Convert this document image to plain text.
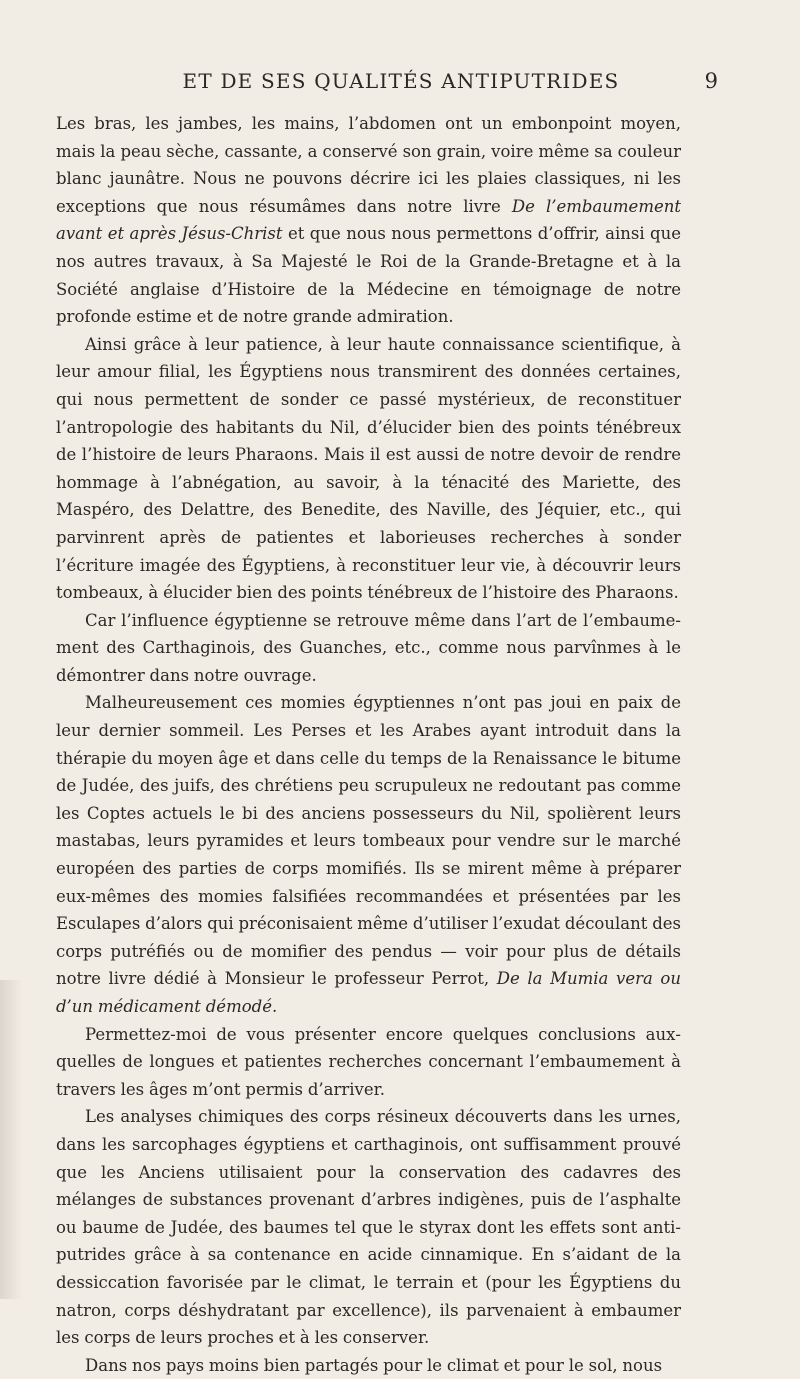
ET DE SES QUALITÉS ANTIPUTRIDES	9

Les bras, les jambes, les mains, l’abdomen ont un embonpoint moyen, mais la peau sèche, cassante, a conservé son grain, voire même sa couleur blanc jaunâtre. Nous ne pouvons décrire ici les plaies classiques, ni les exceptions que nous résumâmes dans notre livre De l’embaumement avant et après Jésus-Christ et que nous nous permettons d’offrir, ainsi que nos autres travaux, à Sa Majesté le Roi de la Grande-Bretagne et à la Société anglaise d’Histoire de la Médecine en témoignage de notre profonde estime et de notre grande admiration.

Ainsi grâce à leur patience, à leur haute connaissance scientifique, à leur amour filial, les Égyptiens nous transmirent des données certaines, qui nous permettent de sonder ce passé mystérieux, de reconstituer l’antropologie des habitants du Nil, d’élucider bien des points ténébreux de l’histoire de leurs Pharaons. Mais il est aussi de notre devoir de rendre hommage à l’abnégation, au savoir, à la ténacité des Mariette, des Maspéro, des Delattre, des Benedite, des Naville, des Jéquier, etc., qui parvinrent après de patientes et laborieuses recherches à sonder l’écriture imagée des Égyptiens, à reconstituer leur vie, à découvrir leurs tombeaux, à élucider bien des points ténébreux de l’histoire des Pharaons.

Car l’influence égyptienne se retrouve même dans l’art de l’embaumement des Carthaginois, des Guanches, etc., comme nous parvînmes à le démontrer dans notre ouvrage.

Malheureusement ces momies égyptiennes n’ont pas joui en paix de leur dernier sommeil. Les Perses et les Arabes ayant introduit dans la thérapie du moyen âge et dans celle du temps de la Renaissance le bitume de Judée, des juifs, des chrétiens peu scrupuleux ne redoutant pas comme les Coptes actuels le bi des anciens possesseurs du Nil, spolièrent leurs mastabas, leurs pyramides et leurs tombeaux pour vendre sur le marché européen des parties de corps momifiés. Ils se mirent même à préparer eux-mêmes des momies falsifiées recommandées et présentées par les Esculapes d’alors qui préconisaient même d’utiliser l’exudat découlant des corps putréfiés ou de momifier des pendus — voir pour plus de détails notre livre dédié à Monsieur le professeur Perrot, De la Mumia vera ou d’un médicament démodé.

Permettez-moi de vous présenter encore quelques conclusions auxquelles de longues et patientes recherches concernant l’embaumement à travers les âges m’ont permis d’arriver.

Les analyses chimiques des corps résineux découverts dans les urnes, dans les sarcophages égyptiens et carthaginois, ont suffisamment prouvé que les Anciens utilisaient pour la conservation des cadavres des mélanges de substances provenant d’arbres indigènes, puis de l’asphalte ou baume de Judée, des baumes tel que le styrax dont les effets sont antiputrides grâce à sa contenance en acide cinnamique. En s’aidant de la dessiccation favorisée par le climat, le terrain et (pour les Égyptiens du natron, corps déshydratant par excellence), ils parvenaient à embaumer les corps de leurs proches et à les conserver.

Dans nos pays moins bien partagés pour le climat et pour le sol, nous
